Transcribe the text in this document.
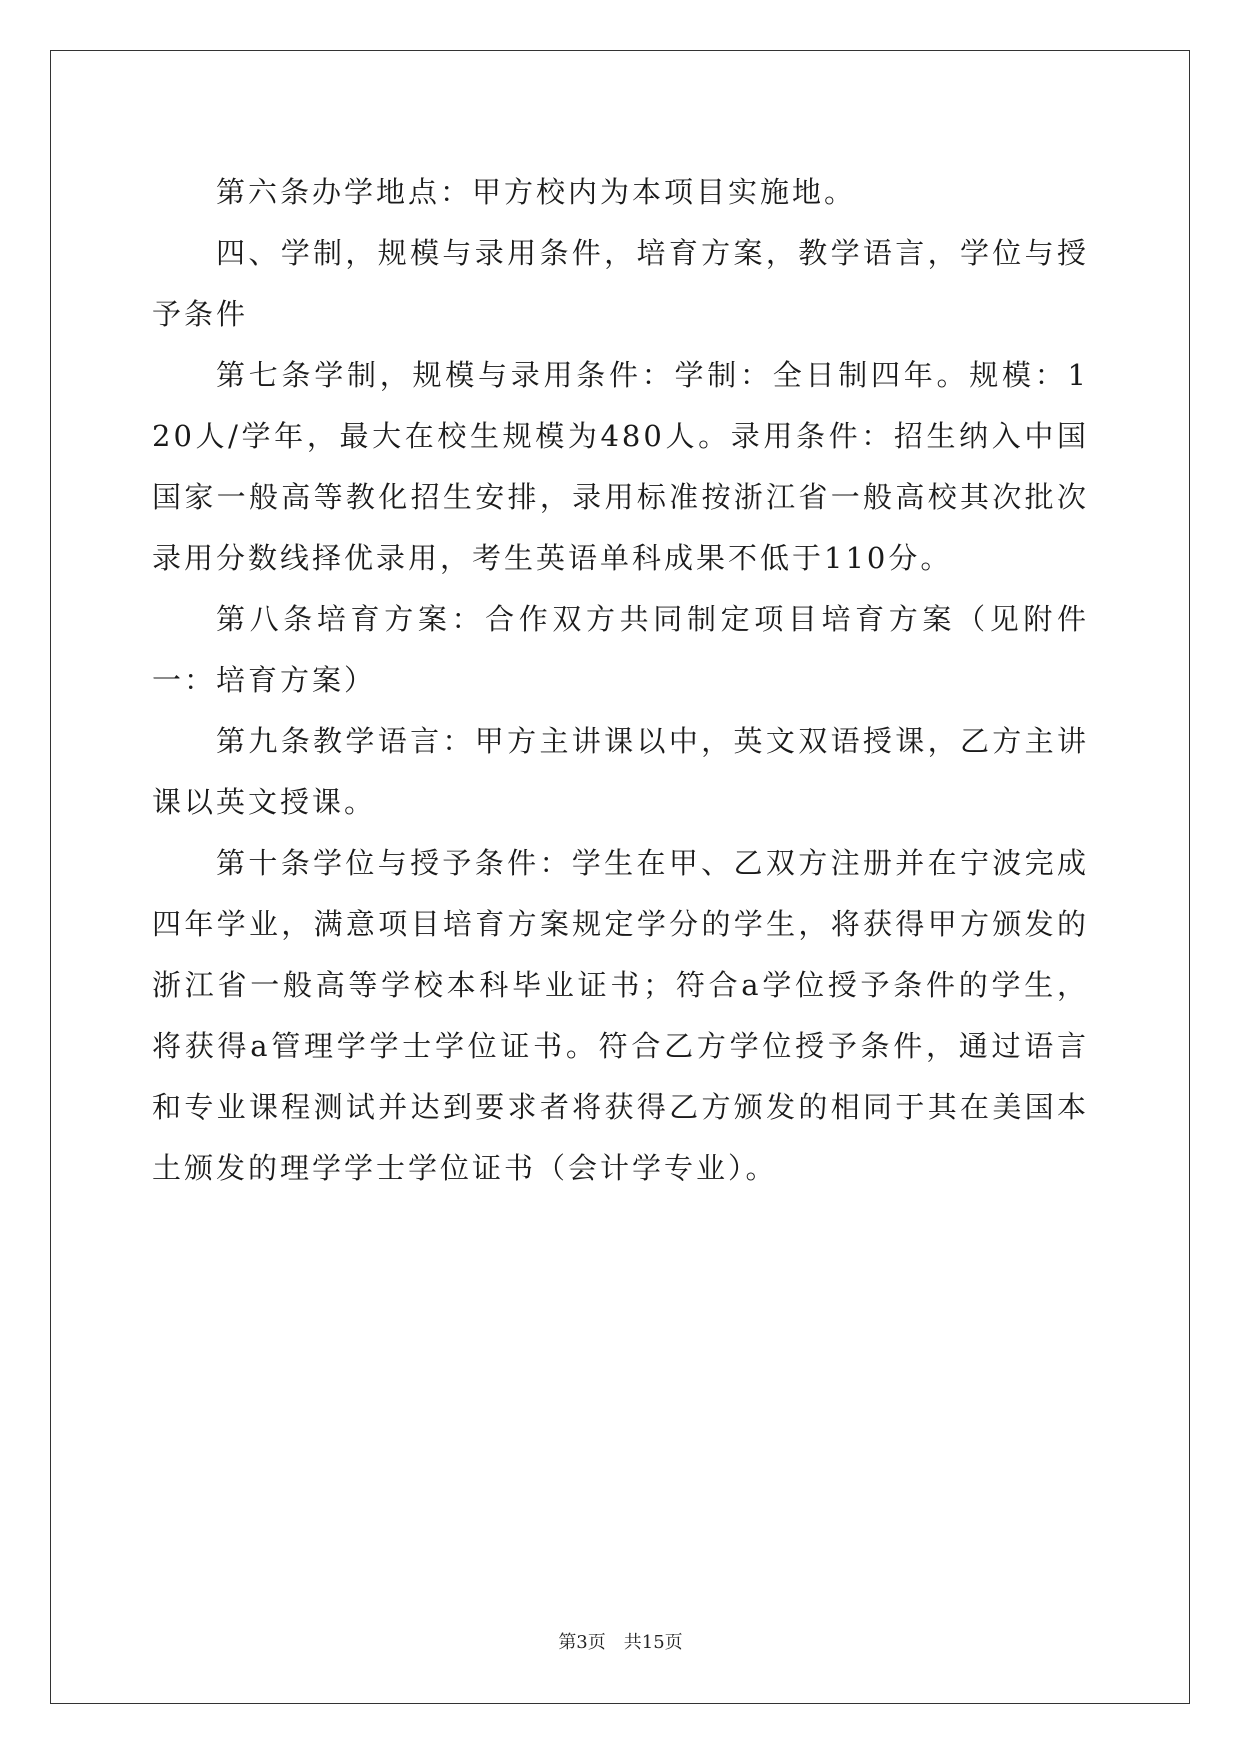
第六条办学地点：甲方校内为本项目实施地。

四、学制，规模与录用条件，培育方案，教学语言，学位与授予条件

第七条学制，规模与录用条件：学制：全日制四年。规模：120人/学年，最大在校生规模为480人。录用条件：招生纳入中国国家一般高等教化招生安排，录用标准按浙江省一般高校其次批次录用分数线择优录用，考生英语单科成果不低于110分。

第八条培育方案：合作双方共同制定项目培育方案（见附件一：培育方案）

第九条教学语言：甲方主讲课以中，英文双语授课，乙方主讲课以英文授课。

第十条学位与授予条件：学生在甲、乙双方注册并在宁波完成四年学业，满意项目培育方案规定学分的学生，将获得甲方颁发的浙江省一般高等学校本科毕业证书；符合a学位授予条件的学生，将获得a管理学学士学位证书。符合乙方学位授予条件，通过语言和专业课程测试并达到要求者将获得乙方颁发的相同于其在美国本土颁发的理学学士学位证书（会计学专业）。

第3页 共15页
